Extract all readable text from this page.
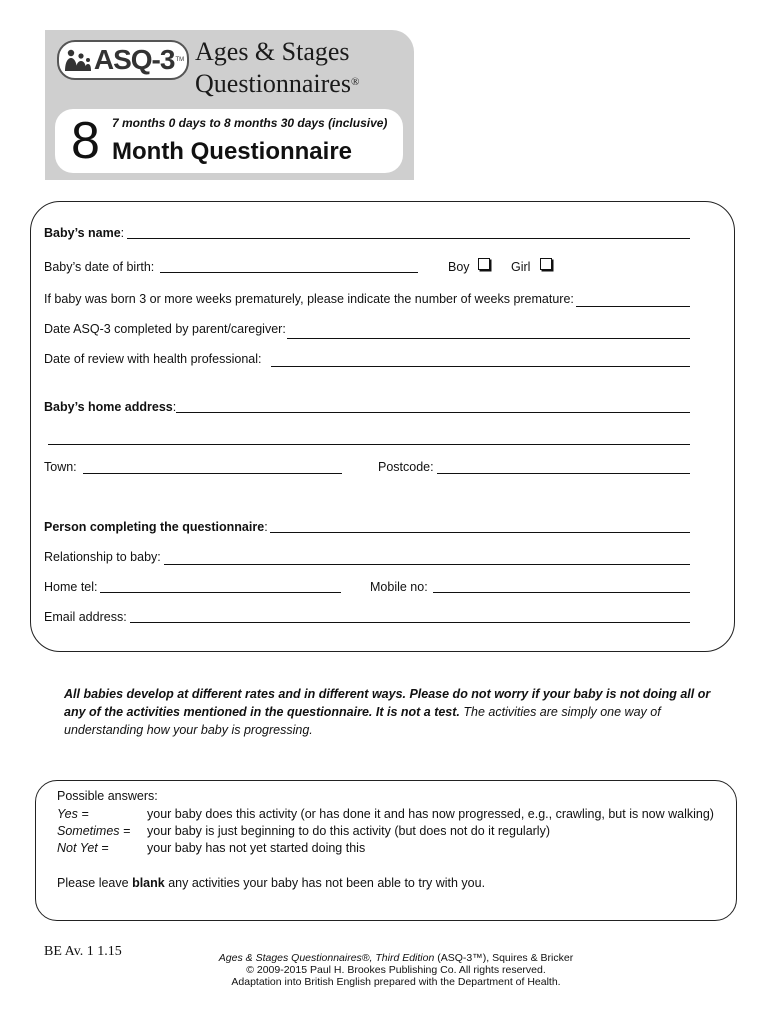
ASQ-3 TM Ages & Stages
Questionnaires®
8 7 months 0 days to 8 months 30 days (inclusive)
Month Questionnaire
Baby’s name:
Baby’s date of birth:	Boy	Girl
If baby was born 3 or more weeks prematurely, please indicate the number of weeks premature:
Date ASQ-3 completed by parent/caregiver:
Date of review with health professional:
Baby’s home address:
Town:	Postcode:
Person completing the questionnaire:
Relationship to baby:
Home tel:	Mobile no:
Email address:
All babies develop at different rates and in different ways. Please do not worry if your baby is not doing all or any of the activities mentioned in the questionnaire. It is not a test. The activities are simply one way of understanding how your baby is progressing.
Possible answers:
Yes =	your baby does this activity (or has done it and has now progressed, e.g., crawling, but is now walking)
Sometimes = your baby is just beginning to do this activity (but does not do it regularly)
Not Yet =	your baby has not yet started doing this
Please leave blank any activities your baby has not been able to try with you.
BE Av. 1 1.15	Ages & Stages Questionnaires®, Third Edition (ASQ-3™), Squires & Bricker
© 2009-2015 Paul H. Brookes Publishing Co. All rights reserved.
Adaptation into British English prepared with the Department of Health.
